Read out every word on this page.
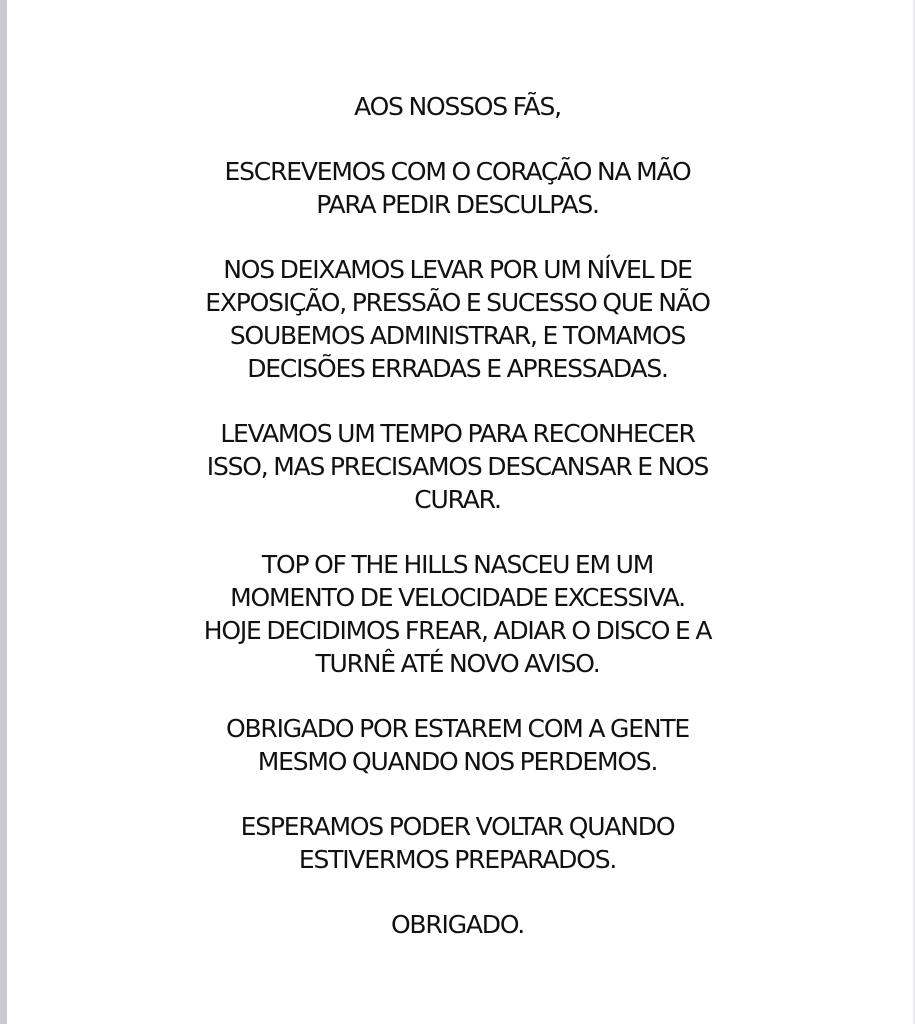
AOS NOSSOS FÃS,

ESCREVEMOS COM O CORAÇÃO NA MÃO
PARA PEDIR DESCULPAS.

NOS DEIXAMOS LEVAR POR UM NÍVEL DE
EXPOSIÇÃO, PRESSÃO E SUCESSO QUE NÃO
SOUBEMOS ADMINISTRAR, E TOMAMOS
DECISÕES ERRADAS E APRESSADAS.

LEVAMOS UM TEMPO PARA RECONHECER
ISSO, MAS PRECISAMOS DESCANSAR E NOS
CURAR.

TOP OF THE HILLS NASCEU EM UM
MOMENTO DE VELOCIDADE EXCESSIVA.
HOJE DECIDIMOS FREAR, ADIAR O DISCO E A
TURNÊ ATÉ NOVO AVISO.

OBRIGADO POR ESTAREM COM A GENTE
MESMO QUANDO NOS PERDEMOS.

ESPERAMOS PODER VOLTAR QUANDO
ESTIVERMOS PREPARADOS.

OBRIGADO.
